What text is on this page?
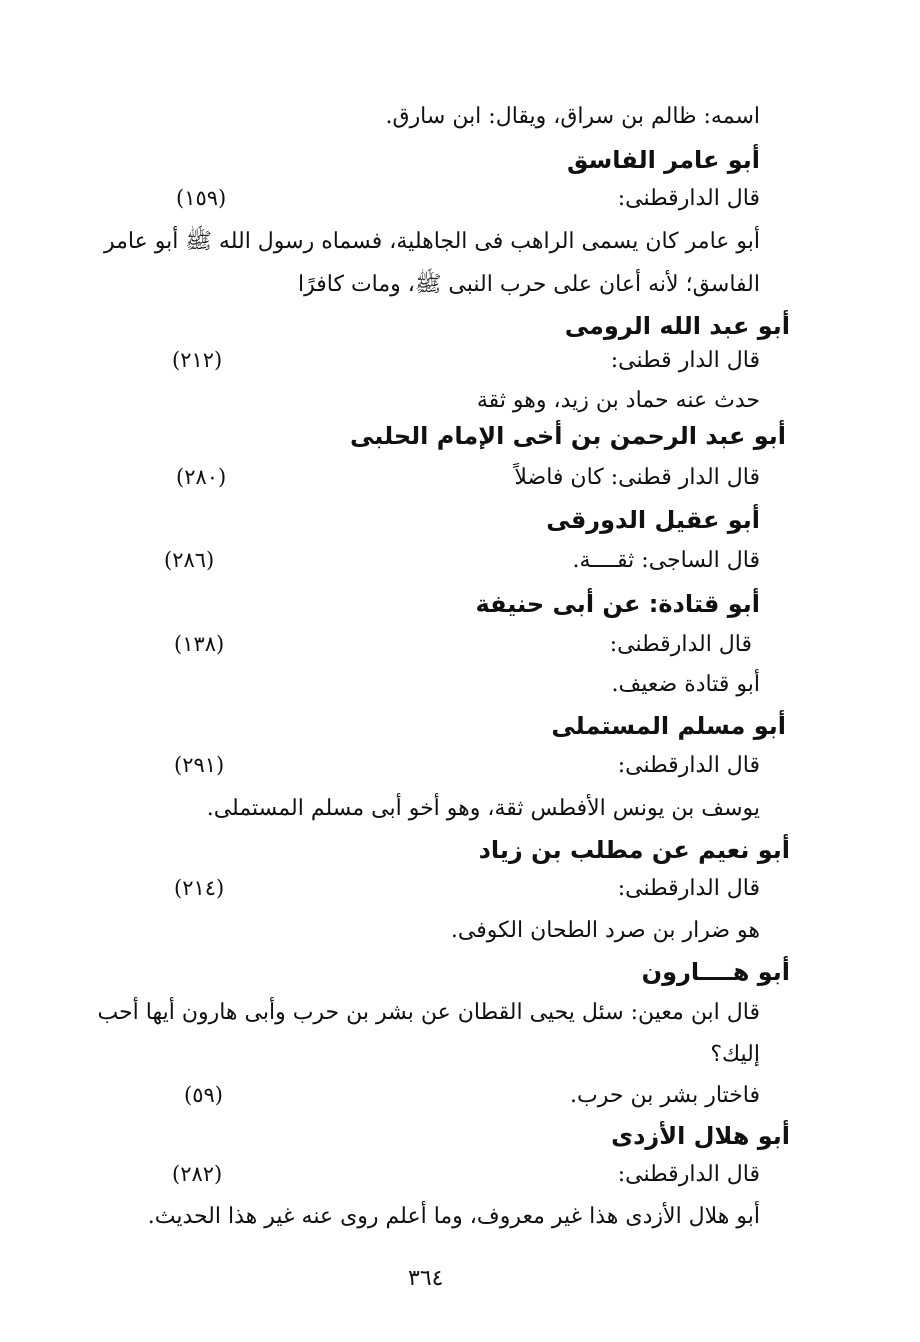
اسمه: ظالم بن سراق، ويقال: ابن سارق.
أبو عامر الفاسق
قال الدارقطنى:
(١٥٩)
أبو عامر كان يسمى الراهب فى الجاهلية، فسماه رسول الله ﷺ أبو عامر
الفاسق؛ لأنه أعان على حرب النبى ﷺ، ومات كافرًا
أبو عبد الله الرومى
قال الدار قطنى:
(٢١٢)
حدث عنه حماد بن زيد، وهو ثقة
أبو عبد الرحمن بن أخى الإمام الحلبى
قال الدار قطنى: كان فاضلاً
(٢٨٠)
أبو عقيل الدورقى
قال الساجى: ثقــــة.
(٢٨٦)
أبو قتادة: عن أبى حنيفة
قال الدارقطنى:
(١٣٨)
أبو قتادة ضعيف.
أبو مسلم المستملى
قال الدارقطنى:
(٢٩١)
يوسف بن يونس الأفطس ثقة، وهو أخو أبى مسلم المستملى.
أبو نعيم عن مطلب بن زياد
قال الدارقطنى:
(٢١٤)
هو ضرار بن صرد الطحان الكوفى.
أبو هــــارون
قال ابن معين: سئل يحيى القطان عن بشر بن حرب وأبى هارون أيها أحب
إليك؟
فاختار بشر بن حرب.
(٥٩)
أبو هلال الأزدى
قال الدارقطنى:
(٢٨٢)
أبو هلال الأزدى هذا غير معروف، وما أعلم روى عنه غير هذا الحديث.
٣٦٤
